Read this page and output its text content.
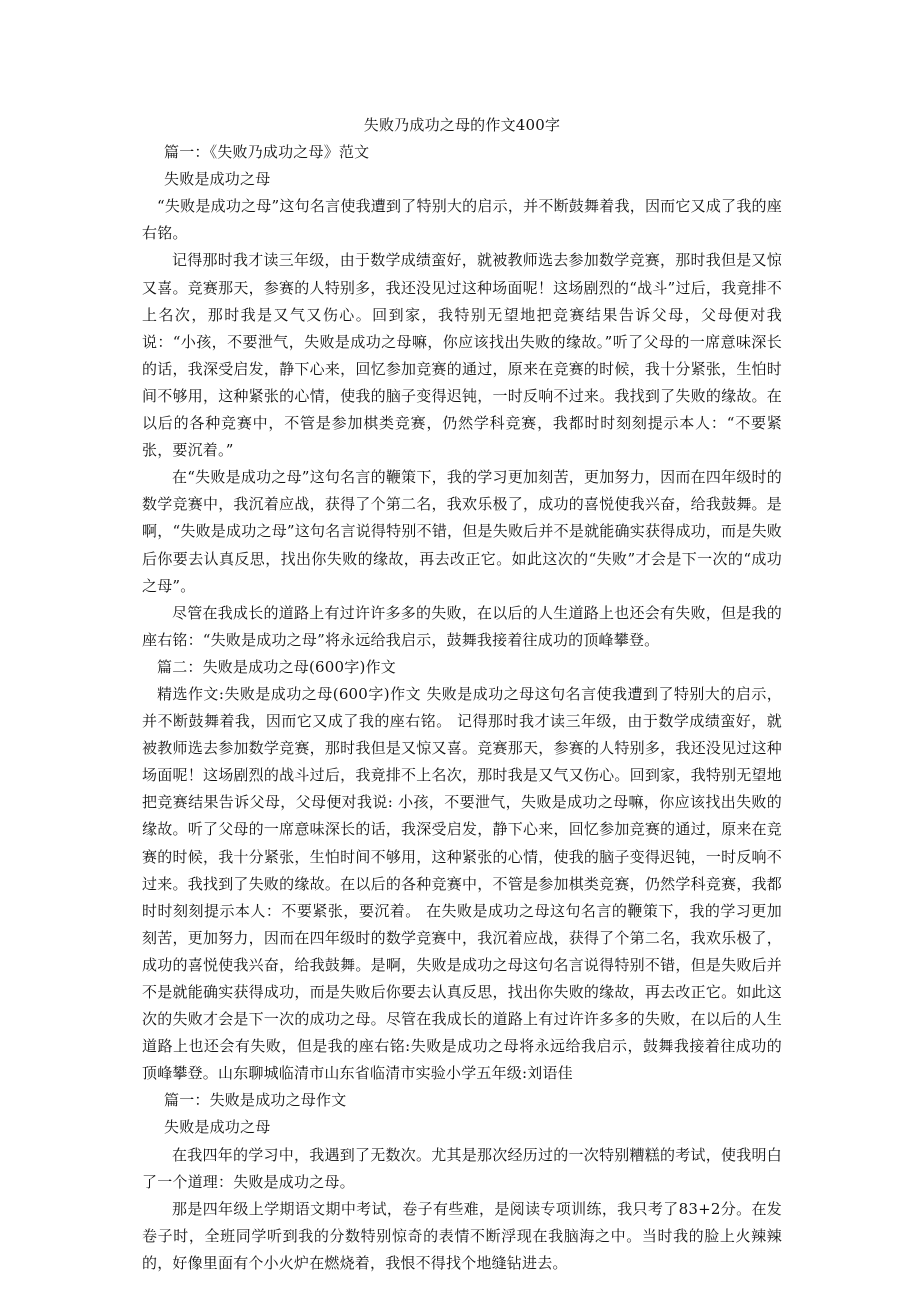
失败乃成功之母的作文400字

篇一：《失败乃成功之母》范文

失败是成功之母

“失败是成功之母”这句名言使我遭到了特别大的启示，并不断鼓舞着我，因而它又成了我的座右铭。

记得那时我才读三年级，由于数学成绩蛮好，就被教师选去参加数学竞赛，那时我但是又惊又喜。竞赛那天，参赛的人特别多，我还没见过这种场面呢！这场剧烈的“战斗”过后，我竟排不上名次，那时我是又气又伤心。回到家，我特别无望地把竞赛结果告诉父母，父母便对我说：“小孩，不要泄气，失败是成功之母嘛，你应该找出失败的缘故。”听了父母的一席意味深长的话，我深受启发，静下心来，回忆参加竞赛的通过，原来在竞赛的时候，我十分紧张，生怕时间不够用，这种紧张的心情，使我的脑子变得迟钝，一时反响不过来。我找到了失败的缘故。在以后的各种竞赛中，不管是参加棋类竞赛，仍然学科竞赛，我都时时刻刻提示本人：“不要紧张，要沉着。”

在“失败是成功之母”这句名言的鞭策下，我的学习更加刻苦，更加努力，因而在四年级时的数学竞赛中，我沉着应战，获得了个第二名，我欢乐极了，成功的喜悦使我兴奋，给我鼓舞。是啊，“失败是成功之母”这句名言说得特别不错，但是失败后并不是就能确实获得成功，而是失败后你要去认真反思，找出你失败的缘故，再去改正它。如此这次的“失败”才会是下一次的“成功之母”。

尽管在我成长的道路上有过许许多多的失败，在以后的人生道路上也还会有失败，但是我的座右铭：“失败是成功之母”将永远给我启示，鼓舞我接着往成功的顶峰攀登。

篇二：失败是成功之母(600字)作文

精选作文:失败是成功之母(600字)作文 失败是成功之母这句名言使我遭到了特别大的启示，并不断鼓舞着我，因而它又成了我的座右铭。 记得那时我才读三年级，由于数学成绩蛮好，就被教师选去参加数学竞赛，那时我但是又惊又喜。竞赛那天，参赛的人特别多，我还没见过这种场面呢！这场剧烈的战斗过后，我竟排不上名次，那时我是又气又伤心。回到家，我特别无望地把竞赛结果告诉父母，父母便对我说: 小孩，不要泄气，失败是成功之母嘛，你应该找出失败的缘故。听了父母的一席意味深长的话，我深受启发，静下心来，回忆参加竞赛的通过，原来在竞赛的时候，我十分紧张，生怕时间不够用，这种紧张的心情，使我的脑子变得迟钝，一时反响不过来。我找到了失败的缘故。在以后的各种竞赛中，不管是参加棋类竞赛，仍然学科竞赛，我都时时刻刻提示本人：不要紧张，要沉着。 在失败是成功之母这句名言的鞭策下，我的学习更加刻苦，更加努力，因而在四年级时的数学竞赛中，我沉着应战，获得了个第二名，我欢乐极了，成功的喜悦使我兴奋，给我鼓舞。是啊，失败是成功之母这句名言说得特别不错，但是失败后并不是就能确实获得成功，而是失败后你要去认真反思，找出你失败的缘故，再去改正它。如此这次的失败才会是下一次的成功之母。尽管在我成长的道路上有过许许多多的失败，在以后的人生道路上也还会有失败，但是我的座右铭:失败是成功之母将永远给我启示，鼓舞我接着往成功的顶峰攀登。山东聊城临清市山东省临清市实验小学五年级:刘语佳

篇一：失败是成功之母作文

失败是成功之母

在我四年的学习中，我遇到了无数次。尤其是那次经历过的一次特别糟糕的考试，使我明白了一个道理：失败是成功之母。

那是四年级上学期语文期中考试，卷子有些难，是阅读专项训练，我只考了83+2分。在发卷子时，全班同学听到我的分数特别惊奇的表情不断浮现在我脑海之中。当时我的脸上火辣辣的，好像里面有个小火炉在燃烧着，我恨不得找个地缝钻进去。
